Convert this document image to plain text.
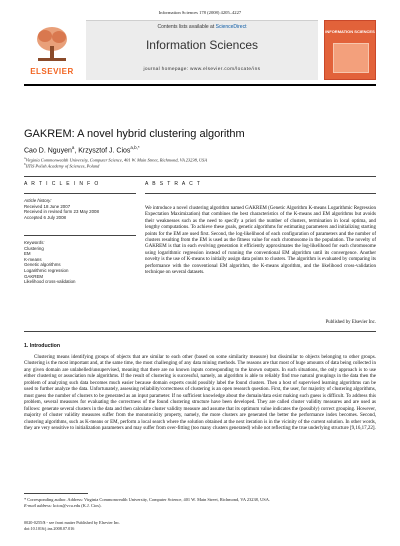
Information Sciences 178 (2008) 4205–4227
ELSEVIER
Contents lists available at ScienceDirect
Information Sciences
journal homepage: www.elsevier.com/locate/ins
INFORMATION SCIENCES
GAKREM: A novel hybrid clustering algorithm
Cao D. Nguyen$^a$, Krzysztof J. Cios$^{a,b,*}$
$^a$Virginia Commonwealth University, Computer Science, 401 W. Main Street, Richmond, VA 23238, USA
$^b$IITiS Polish Academy of Sciences, Poland
A R T I C L E I N F O	A B S T R A C T
Article history:
Received 18 June 2007
Received in revised form 23 May 2008
Accepted 6 July 2008
Keywords:
Clustering
EM
K-means
Genetic algorithms
Logarithmic regression
GAKREM
Likelihood cross-validation
We introduce a novel clustering algorithm named GAKREM (Genetic Algorithm K-means Logarithmic Regression Expectation Maximization) that combines the best characteristics of the K-means and EM algorithms but avoids their weaknesses such as the need to specify a priori the number of clusters, termination in local optima, and lengthy computations. To achieve these goals, genetic algorithms for estimating parameters and initializing starting points for the EM are used first. Second, the log-likelihood of each configuration of parameters and the number of clusters resulting from the EM is used as the fitness value for each chromosome in the population. The novelty of GAKREM is that in each evolving generation it efficiently approximates the log-likelihood for each chromosome using logarithmic regression instead of running the conventional EM algorithm until its convergence. Another novelty is the use of K-means to initially assign data points to clusters. The algorithm is evaluated by comparing its performance with the conventional EM algorithm, the K-means algorithm, and the likelihood cross-validation technique on several datasets.
Published by Elsevier Inc.
1. Introduction
Clustering means identifying groups of objects that are similar to each other (based on some similarity measure) but dissimilar to objects belonging to other groups. Clustering is the most important and, at the same time, the most challenging of any data mining methods. The reasons are that most of huge amounts of data being collected in any given domain are unlabelled/unsupervised, meaning that there are no known inputs corresponding to the known outputs. In such situations, the only approach is to use either clustering or association rule algorithms. If the result of clustering is successful, namely, an algorithm is able to reliably find true natural groupings in the data then the problem of analyzing such data becomes much easier because domain experts could possibly label the found clusters. Then a host of supervised learning algorithms can be used to further analyze the data. Unfortunately, assessing reliability/correctness of clustering is an open research question. First, the user, for majority of clustering algorithms, must guess the number of clusters to be generated as an input parameter. If no sufficient knowledge about the domain/data exist making such guess is difficult. To address this problem, several measures for evaluating the correctness of the found clustering structure have been developed. They are called cluster validity measures and are used as follows: generate several clusters in the data and then calculate cluster validity measure and assume that its optimum value indicates the (possibly) correct grouping. However, majority of cluster validity measures suffer from the monotonicity property, namely, the more clusters are generated the better the performance index becomes. Second, clustering algorithms, such as K-means or EM, perform a local search where the solution obtained at the next iteration is in the vicinity of the current solution. In other words, they are very sensitive to initialization parameters and may suffer from over-fitting (too many clusters generated) while not reflecting the true underlying structure [9,16,17,22].
* Corresponding author. Address: Virginia Commonwealth University, Computer Science, 401 W. Main Street, Richmond, VA 23238, USA.
E-mail address: kcios@vcu.edu (K.J. Cios).
0020-0255/$ - see front matter Published by Elsevier Inc.
doi:10.1016/j.ins.2008.07.016
